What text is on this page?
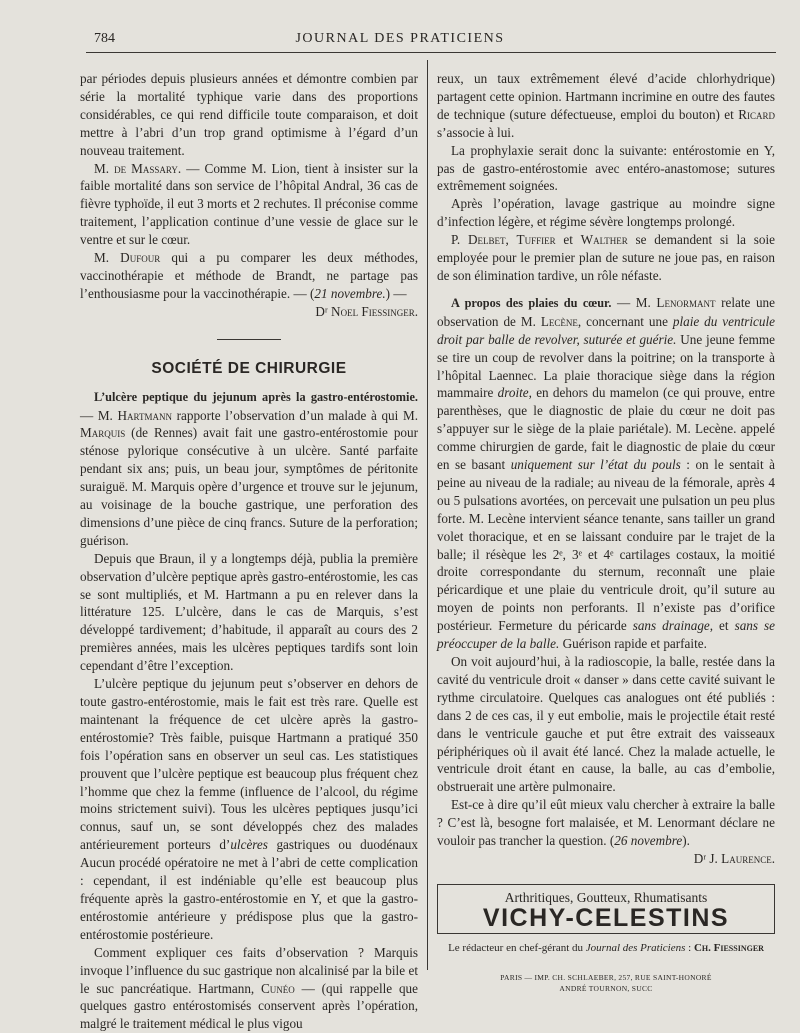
784	JOURNAL DES PRATICIENS

par périodes depuis plusieurs années et démontre combien par série la mortalité typhique varie dans des proportions considérables, ce qui rend difficile toute comparaison, et doit mettre à l’abri d’un trop grand optimisme à l’égard d’un nouveau traitement.

M. de Massary. — Comme M. Lion, tient à insister sur la faible mortalité dans son service de l’hôpital Andral, 36 cas de fièvre typhoïde, il eut 3 morts et 2 rechutes. Il préconise comme traitement, l’application continue d’une vessie de glace sur le ventre et sur le cœur.

M. Dufour qui a pu comparer les deux méthodes, vaccinothérapie et méthode de Brandt, ne partage pas l’enthousiasme pour la vaccinothérapie. — (21 novembre.) —

Dʳ Noel Fiessinger.

SOCIÉTÉ DE CHIRURGIE

L’ulcère peptique du jejunum après la gastro-entérostomie. — M. Hartmann rapporte l’observation d’un malade à qui M. Marquis (de Rennes) avait fait une gastro-entérostomie pour sténose pylorique consécutive à un ulcère. Santé parfaite pendant six ans; puis, un beau jour, symptômes de péritonite suraiguë. M. Marquis opère d’urgence et trouve sur le jejunum, au voisinage de la bouche gastrique, une perforation des dimensions d’une pièce de cinq francs. Suture de la perforation; guérison.

Depuis que Braun, il y a longtemps déjà, publia la première observation d’ulcère peptique après gastro-entérostomie, les cas se sont multipliés, et M. Hartmann a pu en relever dans la littérature 125. L’ulcère, dans le cas de Marquis, s’est développé tardivement; d’habitude, il apparaît au cours des 2 premières années, mais les ulcères peptiques tardifs sont loin cependant d’être l’exception.

L’ulcère peptique du jejunum peut s’observer en dehors de toute gastro-entérostomie, mais le fait est très rare. Quelle est maintenant la fréquence de cet ulcère après la gastro-entérostomie? Très faible, puisque Hartmann a pratiqué 350 fois l’opération sans en observer un seul cas. Les statistiques prouvent que l’ulcère peptique est beaucoup plus fréquent chez l’homme que chez la femme (influence de l’alcool, du régime moins strictement suivi). Tous les ulcères peptiques jusqu’ici connus, sauf un, se sont développés chez des malades antérieurement porteurs d’ulcères gastriques ou duodénaux Aucun procédé opératoire ne met à l’abri de cette complication : cependant, il est indéniable qu’elle est beaucoup plus fréquente après la gastro-entérostomie en Y, et que la gastro-entérostomie antérieure y prédispose plus que la gastro-entérostomie postérieure.

Comment expliquer ces faits d’observation ? Marquis invoque l’influence du suc gastrique non alcalinisé par la bile et le suc pancréatique. Hartmann, Cunéo — (qui rappelle que quelques gastro entérostomisés conservent après l’opération, malgré le traitement médical le plus vigou

reux, un taux extrêmement élevé d’acide chlorhydrique) partagent cette opinion. Hartmann incrimine en outre des fautes de technique (suture défectueuse, emploi du bouton) et Ricard s’associe à lui.

La prophylaxie serait donc la suivante: entérostomie en Y, pas de gastro-entérostomie avec entéro-anastomose; sutures extrêmement soignées.

Après l’opération, lavage gastrique au moindre signe d’infection légère, et régime sévère longtemps prolongé.

P. Delbet, Tuffier et Walther se demandent si la soie employée pour le premier plan de suture ne joue pas, en raison de son élimination tardive, un rôle néfaste.

A propos des plaies du cœur. — M. Lenormant relate une observation de M. Lecène, concernant une plaie du ventricule droit par balle de revolver, suturée et guérie. Une jeune femme se tire un coup de revolver dans la poitrine; on la transporte à l’hôpital Laennec. La plaie thoracique siège dans la région mammaire droite, en dehors du mamelon (ce qui prouve, entre parenthèses, que le diagnostic de plaie du cœur ne doit pas s’appuyer sur le siège de la plaie pariétale). M. Lecène. appelé comme chirurgien de garde, fait le diagnostic de plaie du cœur en se basant uniquement sur l’état du pouls : on le sentait à peine au niveau de la radiale; au niveau de la fémorale, après 4 ou 5 pulsations avortées, on percevait une pulsation un peu plus forte. M. Lecène intervient séance tenante, sans tailler un grand volet thoracique, et en se laissant conduire par le trajet de la balle; il résèque les 2ᵉ, 3ᵉ et 4ᵉ cartilages costaux, la moitié droite correspondante du sternum, reconnaît une plaie péricardique et une plaie du ventricule droit, qu’il suture au moyen de points non perforants. Il n’existe pas d’orifice postérieur. Fermeture du péricarde sans drainage, et sans se préoccuper de la balle. Guérison rapide et parfaite.

On voit aujourd’hui, à la radioscopie, la balle, restée dans la cavité du ventricule droit « danser » dans cette cavité suivant le rythme circulatoire. Quelques cas analogues ont été publiés : dans 2 de ces cas, il y eut embolie, mais le projectile était resté dans le ventricule gauche et put être extrait des vaisseaux périphériques où il avait été lancé. Chez la malade actuelle, le ventricule droit étant en cause, la balle, au cas d’embolie, obstruerait une artère pulmonaire.

Est-ce à dire qu’il eût mieux valu chercher à extraire la balle ? C’est là, besogne fort malaisée, et M. Lenormant déclare ne vouloir pas trancher la question. (26 novembre).

Dʳ J. Laurence.

Arthritiques, Goutteux, Rhumatisants
VICHY-CELESTINS
Le rédacteur en chef-gérant du Journal des Praticiens : Ch. Fiessinger
PARIS — IMP. CH. SCHLAEBER, 257, RUE SAINT-HONORÉ
ANDRÉ TOURNON, SUCC
